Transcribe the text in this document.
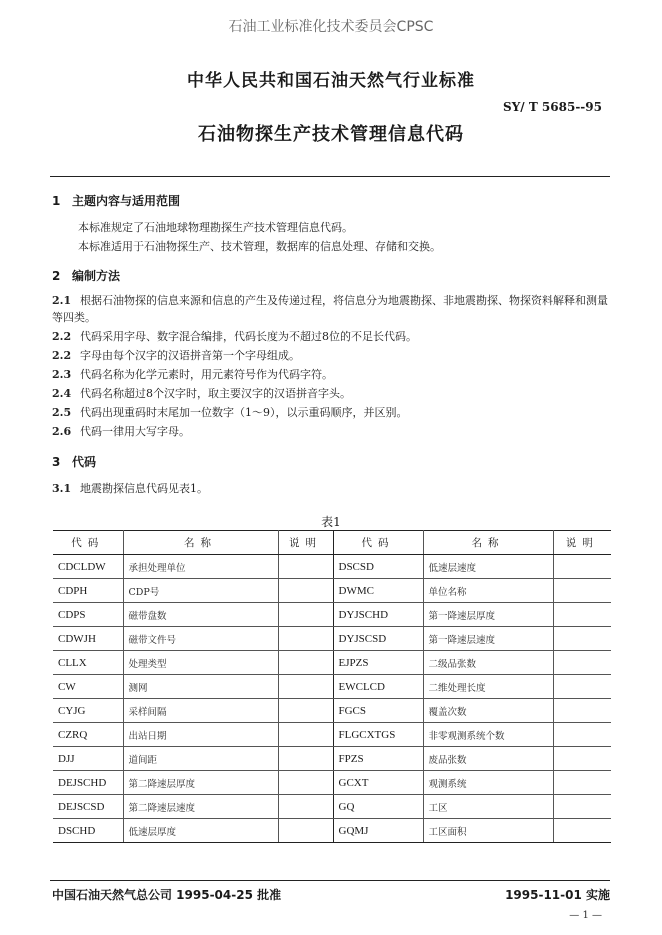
石油工业标准化技术委员会CPSC
中华人民共和国石油天然气行业标准
SY/ T 5685--95
石油物探生产技术管理信息代码
1 主题内容与适用范围
本标准规定了石油地球物理勘探生产技术管理信息代码。
本标准适用于石油物探生产、技术管理，数据库的信息处理、存储和交换。
2 编制方法
2.1 根据石油物探的信息来源和信息的产生及传递过程，将信息分为地震勘探、非地震勘探、物探资料解释和测量等四类。
2.2 代码采用字母、数字混合编排，代码长度为不超过8位的不足长代码。
2.2 字母由每个汉字的汉语拼音第一个字母组成。
2.3 代码名称为化学元素时，用元素符号作为代码字符。
2.4 代码名称超过8个汉字时，取主要汉字的汉语拼音字头。
2.5 代码出现重码时末尾加一位数字（1～9），以示重码顺序，并区别。
2.6 代码一律用大写字母。
3 代码
3.1 地震勘探信息代码见表1。
表1
代码	名称	说明	代码	名称	说明
CDCLDW	承担处理单位		DSCSD	低速层速度	
CDPH	CDP号		DWMC	单位名称	
CDPS	磁带盘数		DYJSCHD	第一降速层厚度	
CDWJH	磁带文件号		DYJSCSD	第一降速层速度	
CLLX	处理类型		EJPZS	二级品张数	
CW	测网		EWCLCD	二维处理长度	
CYJG	采样间隔		FGCS	覆盖次数	
CZRQ	出站日期		FLGCXTGS	非零观测系统个数	
DJJ	道间距		FPZS	废品张数	
DEJSCHD	第二降速层厚度		GCXT	观测系统	
DEJSCSD	第二降速层速度		GQ	工区	
DSCHD	低速层厚度		GQMJ	工区面积	
中国石油天然气总公司 1995-04-25 批准	1995-11-01 实施
— 1 —
